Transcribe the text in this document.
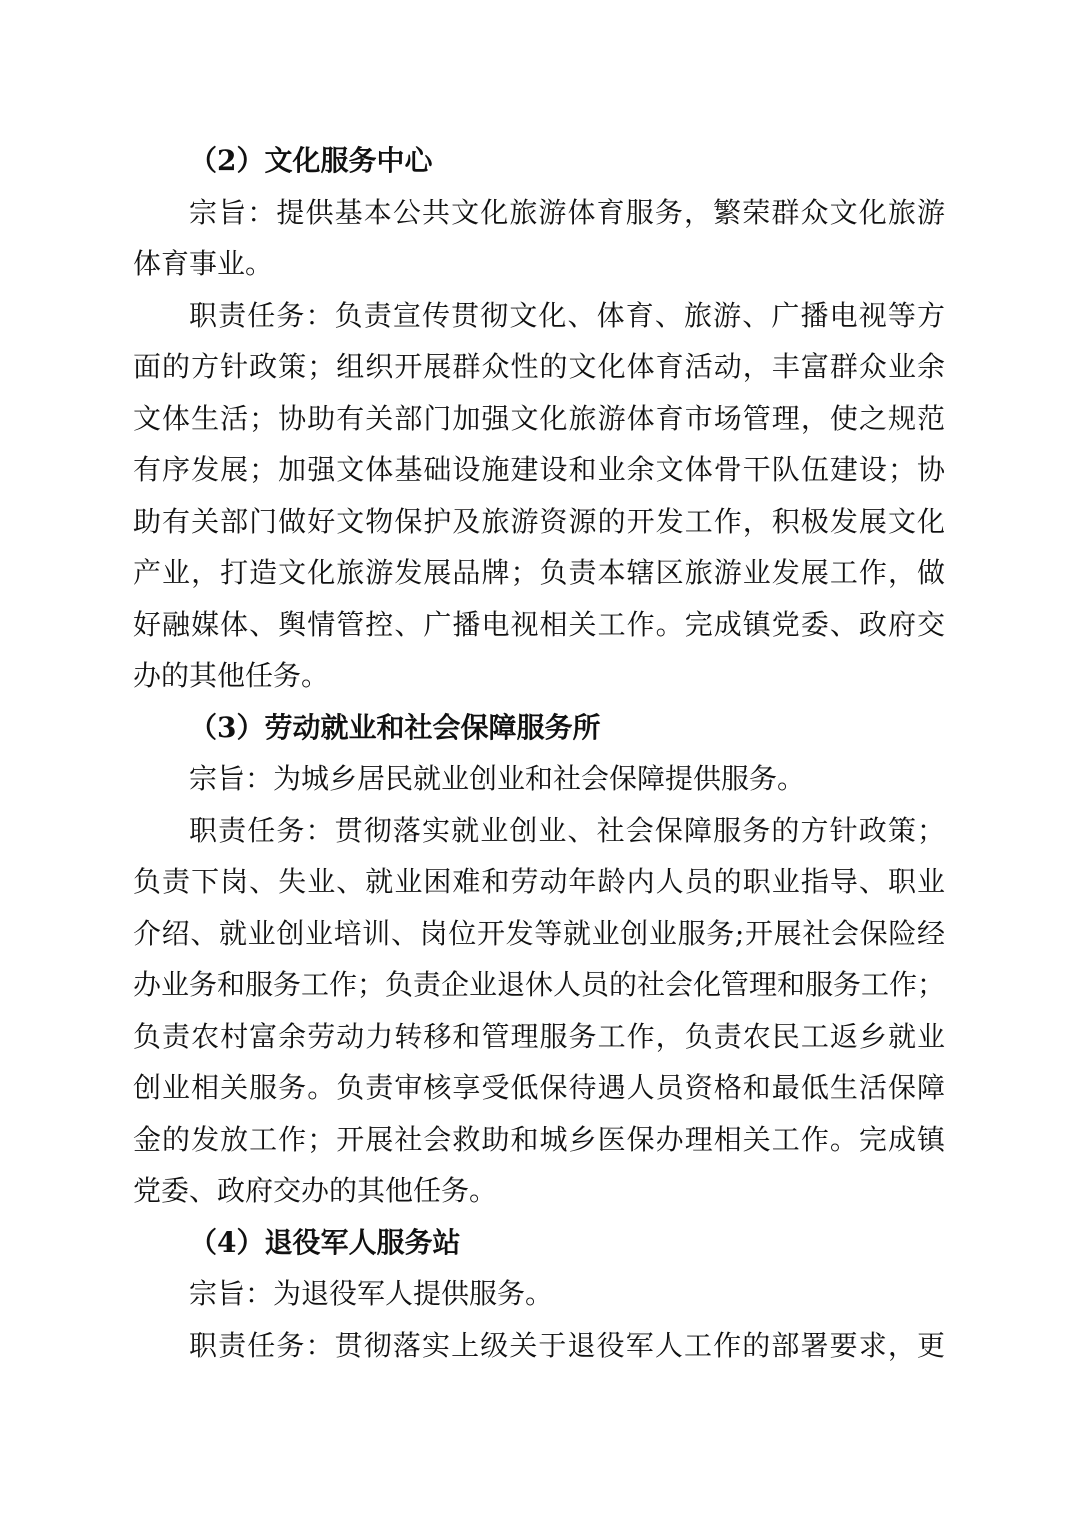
（2）文化服务中心
宗旨：提供基本公共文化旅游体育服务，繁荣群众文化旅游
体育事业。
职责任务：负责宣传贯彻文化、体育、旅游、广播电视等方
面的方针政策；组织开展群众性的文化体育活动，丰富群众业余
文体生活；协助有关部门加强文化旅游体育市场管理，使之规范
有序发展；加强文体基础设施建设和业余文体骨干队伍建设；协
助有关部门做好文物保护及旅游资源的开发工作，积极发展文化
产业，打造文化旅游发展品牌；负责本辖区旅游业发展工作，做
好融媒体、舆情管控、广播电视相关工作。完成镇党委、政府交
办的其他任务。
（3）劳动就业和社会保障服务所
宗旨：为城乡居民就业创业和社会保障提供服务。
职责任务：贯彻落实就业创业、社会保障服务的方针政策；
负责下岗、失业、就业困难和劳动年龄内人员的职业指导、职业
介绍、就业创业培训、岗位开发等就业创业服务;开展社会保险经
办业务和服务工作；负责企业退休人员的社会化管理和服务工作；
负责农村富余劳动力转移和管理服务工作，负责农民工返乡就业
创业相关服务。负责审核享受低保待遇人员资格和最低生活保障
金的发放工作；开展社会救助和城乡医保办理相关工作。完成镇
党委、政府交办的其他任务。
（4）退役军人服务站
宗旨：为退役军人提供服务。
职责任务：贯彻落实上级关于退役军人工作的部署要求，更
